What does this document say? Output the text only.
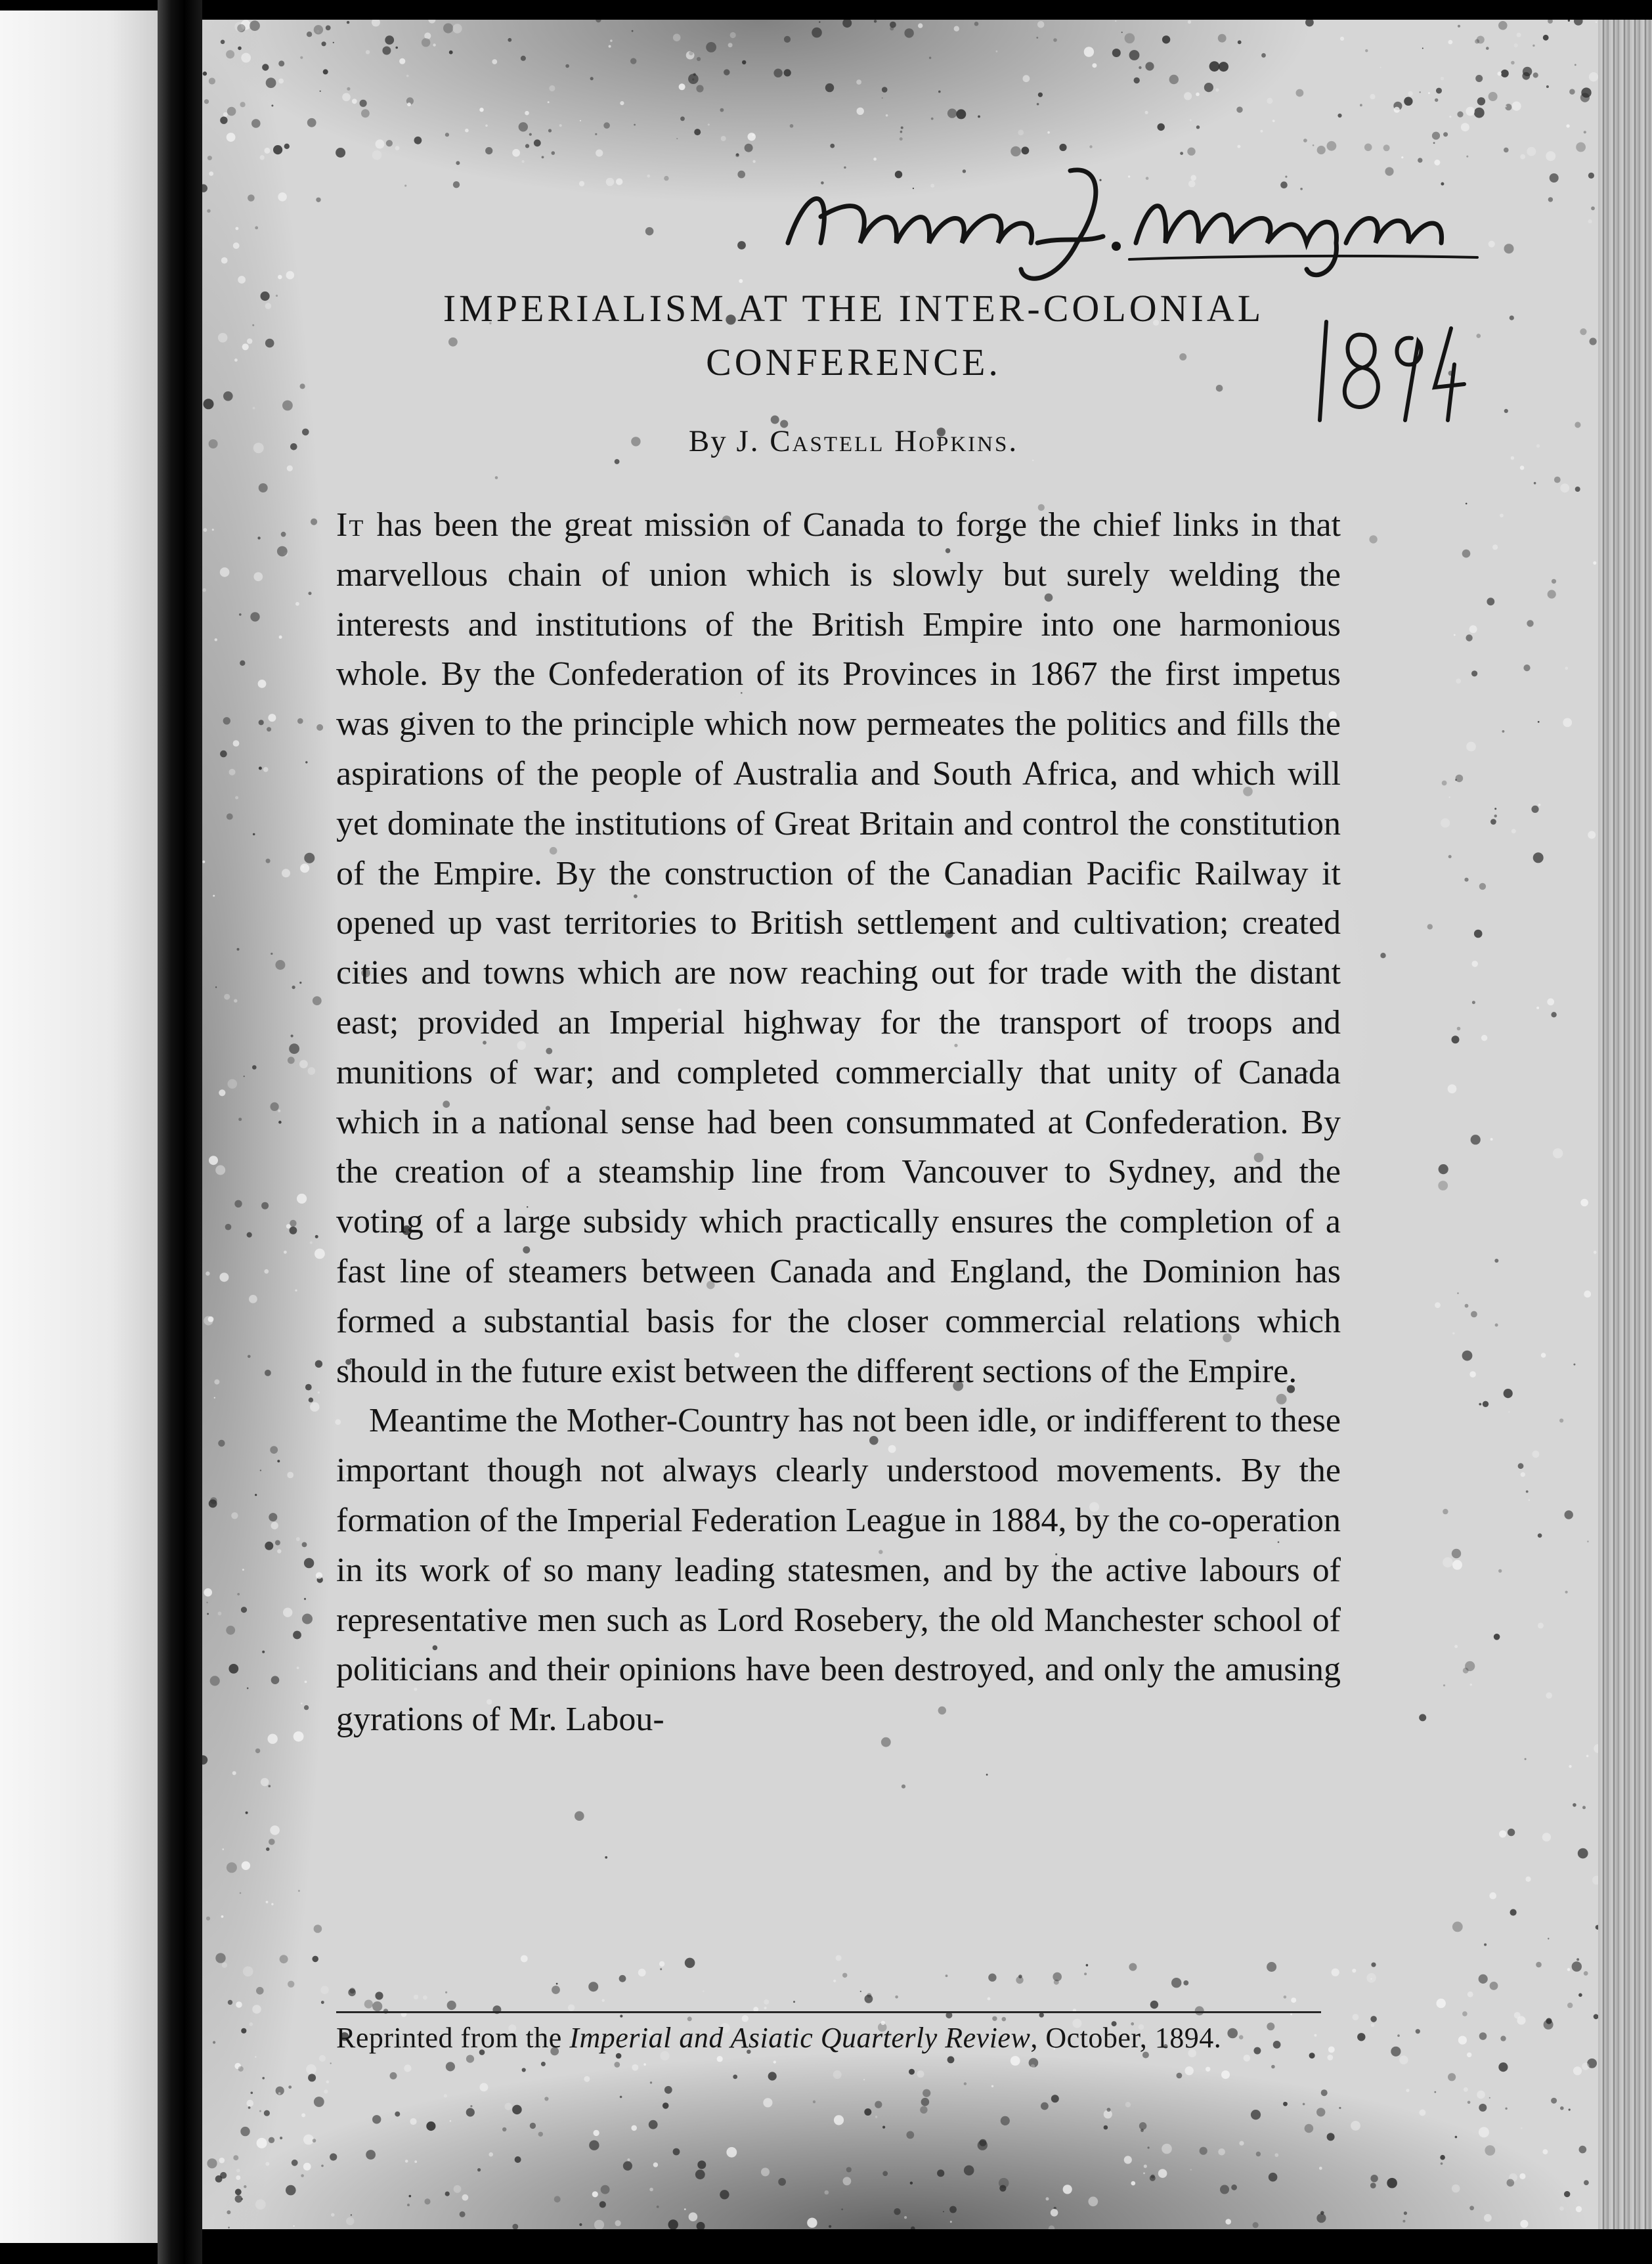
IMPERIALISM AT THE INTER-COLONIAL
CONFERENCE.
By J. Castell Hopkins.

It has been the great mission of Canada to forge the chief links in that marvellous chain of union which is slowly but surely welding the interests and institutions of the British Empire into one harmonious whole. By the Confederation of its Provinces in 1867 the first impetus was given to the principle which now permeates the politics and fills the aspirations of the people of Australia and South Africa, and which will yet dominate the institutions of Great Britain and control the constitution of the Empire. By the construction of the Canadian Pacific Railway it opened up vast territories to British settlement and cultivation; created cities and towns which are now reaching out for trade with the distant east; provided an Imperial highway for the transport of troops and munitions of war; and completed commercially that unity of Canada which in a national sense had been consummated at Confederation. By the creation of a steamship line from Vancouver to Sydney, and the voting of a large subsidy which practically ensures the completion of a fast line of steamers between Canada and England, the Dominion has formed a substantial basis for the closer commercial relations which should in the future exist between the different sections of the Empire.

Meantime the Mother-Country has not been idle, or indifferent to these important though not always clearly understood movements. By the formation of the Imperial Federation League in 1884, by the co-operation in its work of so many leading statesmen, and by the active labours of representative men such as Lord Rosebery, the old Manchester school of politicians and their opinions have been destroyed, and only the amusing gyrations of Mr. Labou-

Reprinted from the Imperial and Asiatic Quarterly Review, October, 1894.
